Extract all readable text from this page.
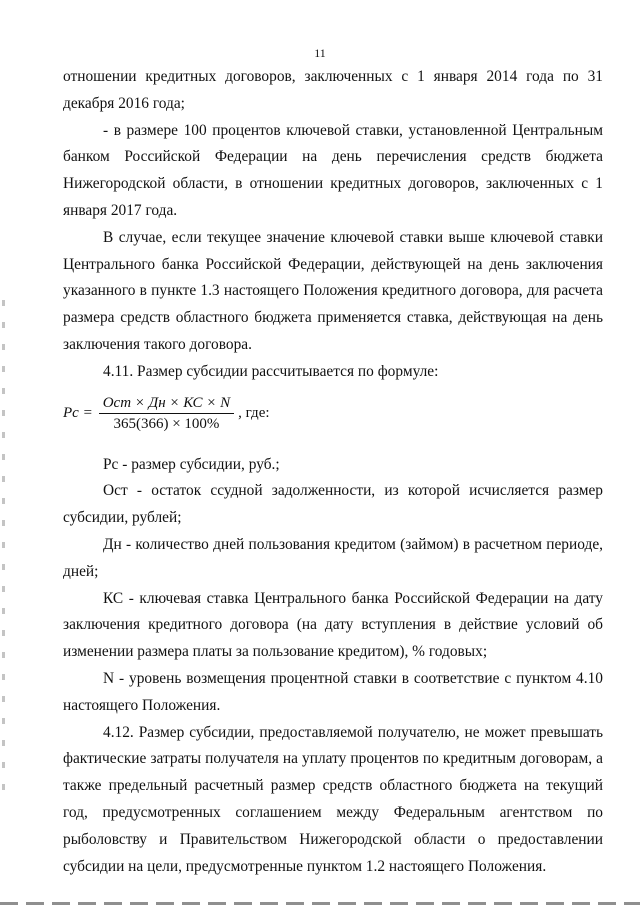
11

отношении кредитных договоров, заключенных с 1 января 2014 года по 31 декабря 2016 года;

- в размере 100 процентов ключевой ставки, установленной Центральным банком Российской Федерации на день перечисления средств бюджета Нижегородской области, в отношении кредитных договоров, заключенных с 1 января 2017 года.

В случае, если текущее значение ключевой ставки выше ключевой ставки Центрального банка Российской Федерации, действующей на день заключения указанного в пункте 1.3 настоящего Положения кредитного договора, для расчета размера средств областного бюджета применяется ставка, действующая на день заключения такого договора.

4.11. Размер субсидии рассчитывается по формуле:

Pс = $\frac{\text{Oст × Дн × КС × N}}{365(366) \times 100\%}$ , где:

Pс - размер субсидии, руб.;

Oст - остаток ссудной задолженности, из которой исчисляется размер субсидии, рублей;

Дн - количество дней пользования кредитом (займом) в расчетном периоде, дней;

КС - ключевая ставка Центрального банка Российской Федерации на дату заключения кредитного договора (на дату вступления в действие условий об изменении размера платы за пользование кредитом), % годовых;

N - уровень возмещения процентной ставки в соответствие с пунктом 4.10 настоящего Положения.

4.12. Размер субсидии, предоставляемой получателю, не может превышать фактические затраты получателя на уплату процентов по кредитным договорам, а также предельный расчетный размер средств областного бюджета на текущий год, предусмотренных соглашением между Федеральным агентством по рыболовству и Правительством Нижегородской области о предоставлении субсидии на цели, предусмотренные пунктом 1.2 настоящего Положения.
